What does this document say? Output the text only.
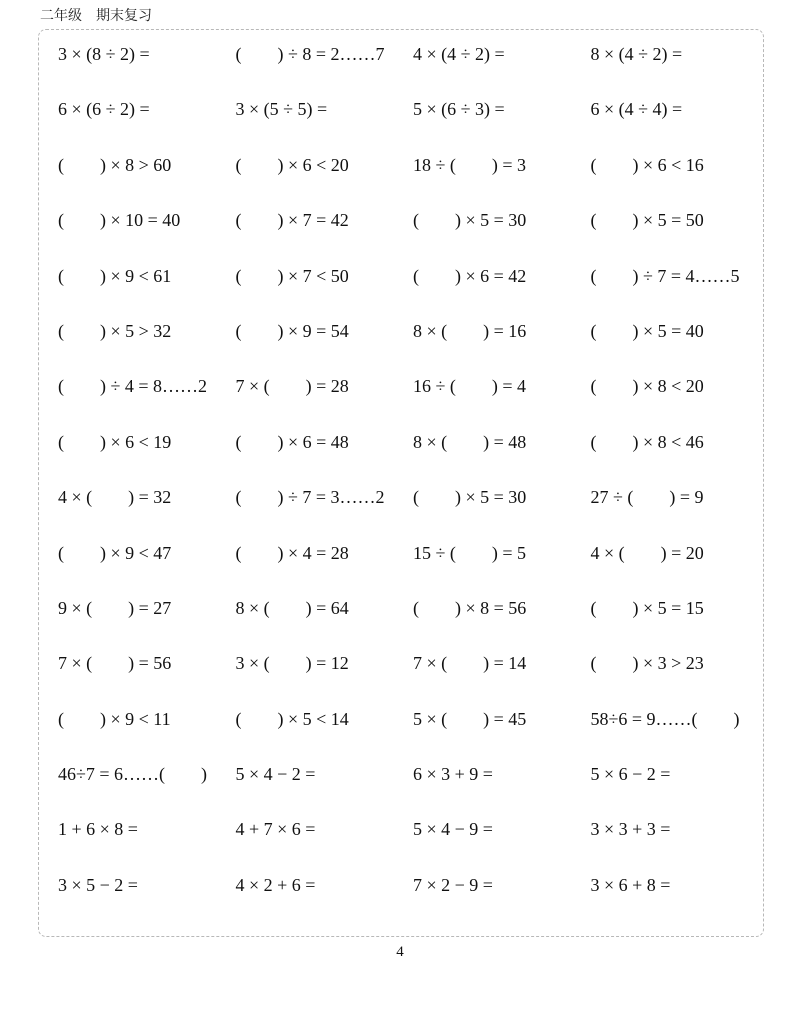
二年级　期末复习
3 × (8 ÷ 2) =	(　　) ÷ 8 = 2……7	4 × (4 ÷ 2) =	8 × (4 ÷ 2) =
6 × (6 ÷ 2) =	3 × (5 ÷ 5) =	5 × (6 ÷ 3) =	6 × (4 ÷ 4) =
(　　) × 8 > 60	(　　) × 6 < 20	18 ÷ (　　) = 3	(　　) × 6 < 16
(　　) × 10 = 40	(　　) × 7 = 42	(　　) × 5 = 30	(　　) × 5 = 50
(　　) × 9 < 61	(　　) × 7 < 50	(　　) × 6 = 42	(　　) ÷ 7 = 4……5
(　　) × 5 > 32	(　　) × 9 = 54	8 × (　　) = 16	(　　) × 5 = 40
(　　) ÷ 4 = 8……2	7 × (　　) = 28	16 ÷ (　　) = 4	(　　) × 8 < 20
(　　) × 6 < 19	(　　) × 6 = 48	8 × (　　) = 48	(　　) × 8 < 46
4 × (　　) = 32	(　　) ÷ 7 = 3……2	(　　) × 5 = 30	27 ÷ (　　) = 9
(　　) × 9 < 47	(　　) × 4 = 28	15 ÷ (　　) = 5	4 × (　　) = 20
9 × (　　) = 27	8 × (　　) = 64	(　　) × 8 = 56	(　　) × 5 = 15
7 × (　　) = 56	3 × (　　) = 12	7 × (　　) = 14	(　　) × 3 > 23
(　　) × 9 < 11	(　　) × 5 < 14	5 × (　　) = 45	58÷6 = 9……(　　)
46÷7 = 6……(　　)	5 × 4 − 2 =	6 × 3 + 9 =	5 × 6 − 2 =
1 + 6 × 8 =	4 + 7 × 6 =	5 × 4 − 9 =	3 × 3 + 3 =
3 × 5 − 2 =	4 × 2 + 6 =	7 × 2 − 9 =	3 × 6 + 8 =
4
